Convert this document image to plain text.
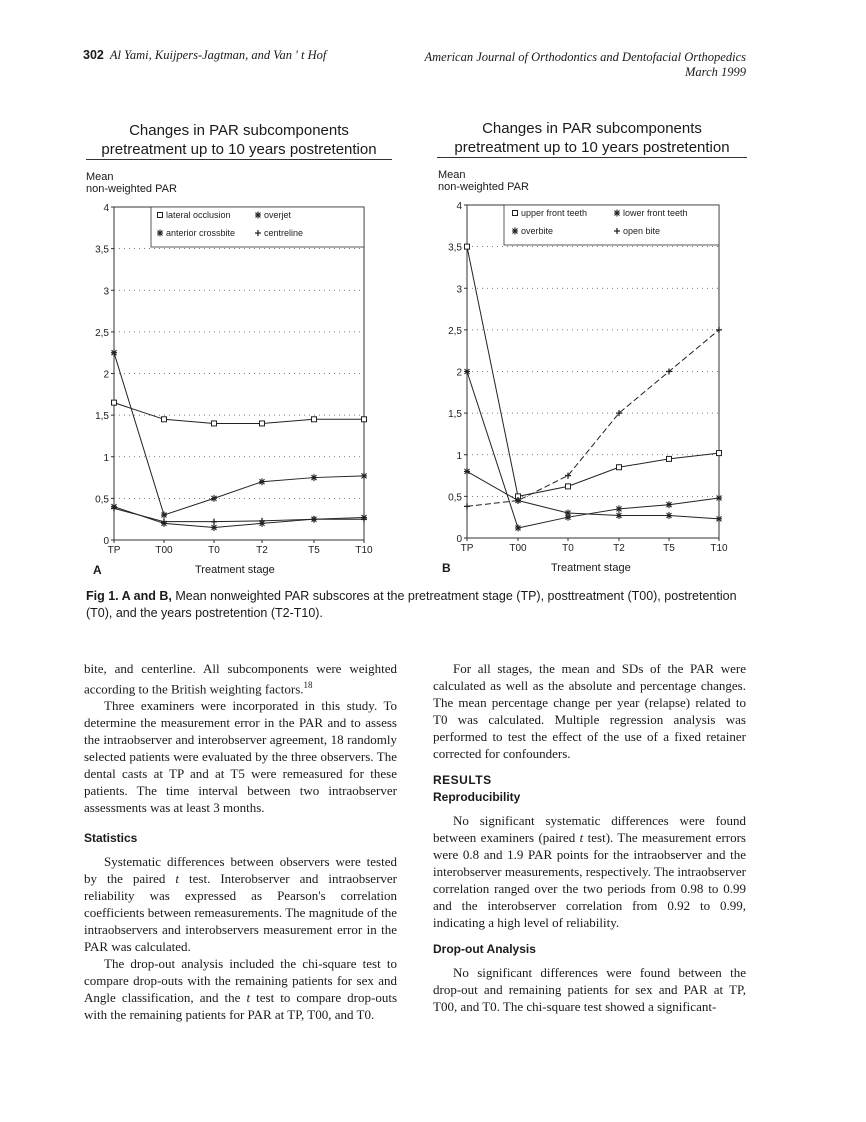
302 Al Yami, Kuijpers-Jagtman, and Van ' t Hof	American Journal of Orthodontics and Dentofacial Orthopedics
March 1999
Changes in PAR subcomponents
pretreatment up to 10 years postretention
Mean
non-weighted PAR
Changes in PAR subcomponents
pretreatment up to 10 years postretention
Mean
non-weighted PAR
0
0,5
1
1,5
2
2,5
3
3,5
4
TP	T00	T0	T2	T5	T10
lateral occlusion	overjet
anterior crossbite	centreline
0
0,5
1
1,5
2
2,5
3
3,5
4
TP	T00	T0	T2	T5	T10
upper front teeth	lower front teeth
overbite	open bite
A	Treatment stage	B	Treatment stage
Fig 1. A and B, Mean nonweighted PAR subscores at the pretreatment stage (TP), posttreatment (T00), postretention (T0), and the years postretention (T2-T10).

bite, and centerline. All subcomponents were weighted according to the British weighting factors.$^{18}$

Three examiners were incorporated in this study. To determine the measurement error in the PAR and to assess the intraobserver and interobserver agreement, 18 randomly selected patients were evaluated by the three observers. The dental casts at TP and at T5 were remeasured for these patients. The time interval between two intraobserver assessments was at least 3 months.

Statistics

Systematic differences between observers were tested by the paired t test. Interobserver and intraobserver reliability was expressed as Pearson's correlation coefficients between remeasurements. The magnitude of the intraobservers and interobservers measurement error in the PAR was calculated.

The drop-out analysis included the chi-square test to compare drop-outs with the remaining patients for sex and Angle classification, and the t test to compare drop-outs with the remaining patients for PAR at TP, T00, and T0.

For all stages, the mean and SDs of the PAR were calculated as well as the absolute and percentage changes. The mean percentage change per year (relapse) related to T0 was calculated. Multiple regression analysis was performed to test the effect of the use of a fixed retainer corrected for confounders.

RESULTS
Reproducibility

No significant systematic differences were found between examiners (paired t test). The measurement errors were 0.8 and 1.9 PAR points for the intraobserver and the interobserver measurements, respectively. The intraobserver correlation ranged over the two periods from 0.98 to 0.99 and the interobserver correlation from 0.92 to 0.99, indicating a high level of reliability.

Drop-out Analysis

No significant differences were found between the drop-out and remaining patients for sex and PAR at TP, T00, and T0. The chi-square test showed a significant-
